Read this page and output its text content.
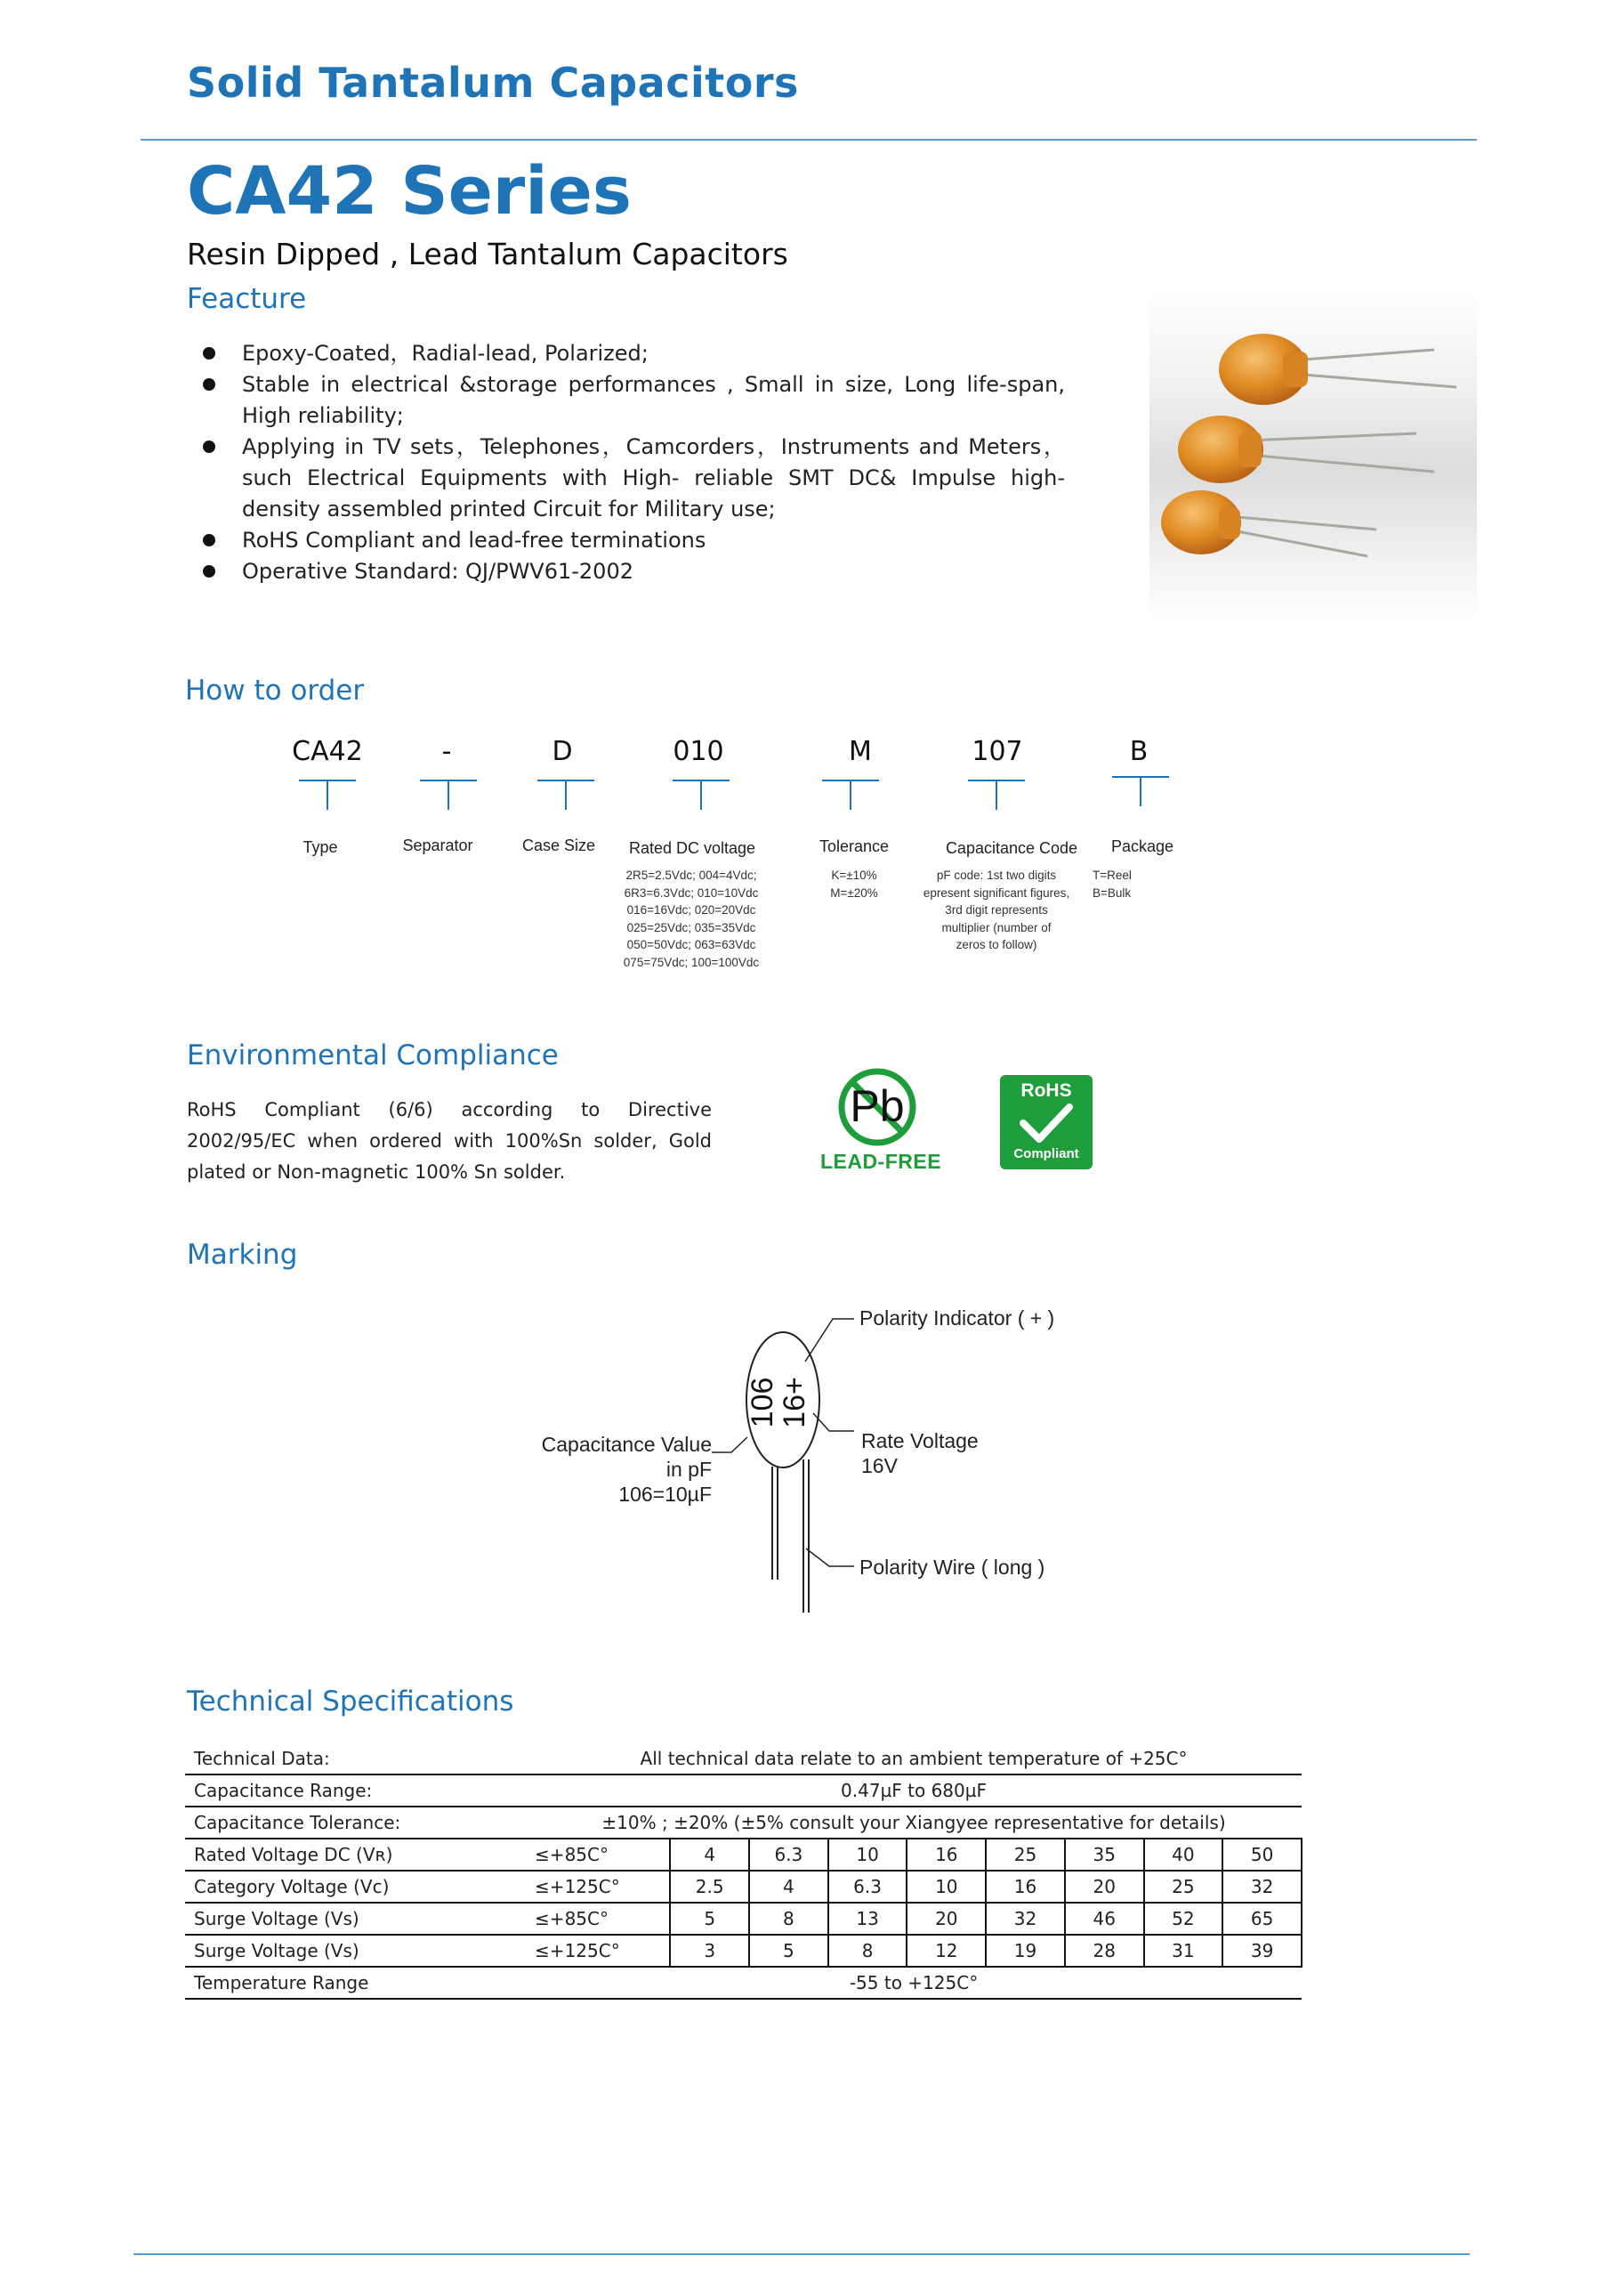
Solid Tantalum Capacitors
CA42 Series
Resin Dipped , Lead Tantalum Capacitors
Feacture
Epoxy-Coated，Radial-lead, Polarized;
Stable in electrical &storage performances , Small in size, Long life-span, High reliability;
Applying in TV sets，Telephones，Camcorders，Instruments and Meters，such Electrical Equipments with High- reliable SMT DC& Impulse high-density assembled printed Circuit for Military use;
RoHS Compliant and lead-free terminations
Operative Standard: QJ/PWV61-2002
How to order
CA42	-	D	010	M	107	B
Type	Separator	Case Size	Rated DC voltage	Tolerance	Capacitance Code	Package
2R5=2.5Vdc; 004=4Vdc;
6R3=6.3Vdc; 010=10Vdc
016=16Vdc; 020=20Vdc
025=25Vdc; 035=35Vdc
050=50Vdc; 063=63Vdc
075=75Vdc; 100=100Vdc
K=±10%
M=±20%
pF code: 1st two digits
epresent significant figures,
3rd digit represents
multiplier (number of
zeros to follow)
T=Reel
B=Bulk
Environmental Compliance
RoHS Compliant (6/6) according to Directive 2002/95/EC when ordered with 100%Sn solder, Gold plated or Non-magnetic 100% Sn solder.
Pb
LEAD-FREE
RoHS
Compliant
Marking
106
16+
Polarity Indicator ( + )
Rate Voltage
16V
Capacitance Value
in pF
106=10µF
Polarity Wire ( long )
Technical Specifications
Technical Data:	All technical data relate to an ambient temperature of +25C°								
Capacitance Range:	0.47µF to 680µF								
Capacitance Tolerance:	±10% ; ±20% (±5% consult your Xiangyee representative for details)								
Rated Voltage DC (Vʀ)	≤+85C°	4	6.3	10	16	25	35	40	50
Category Voltage (Vᴄ)	≤+125C°	2.5	4	6.3	10	16	20	25	32
Surge Voltage (Vs)	≤+85C°	5	8	13	20	32	46	52	65
Surge Voltage (Vs)	≤+125C°	3	5	8	12	19	28	31	39
Temperature Range	-55 to +125C°								
